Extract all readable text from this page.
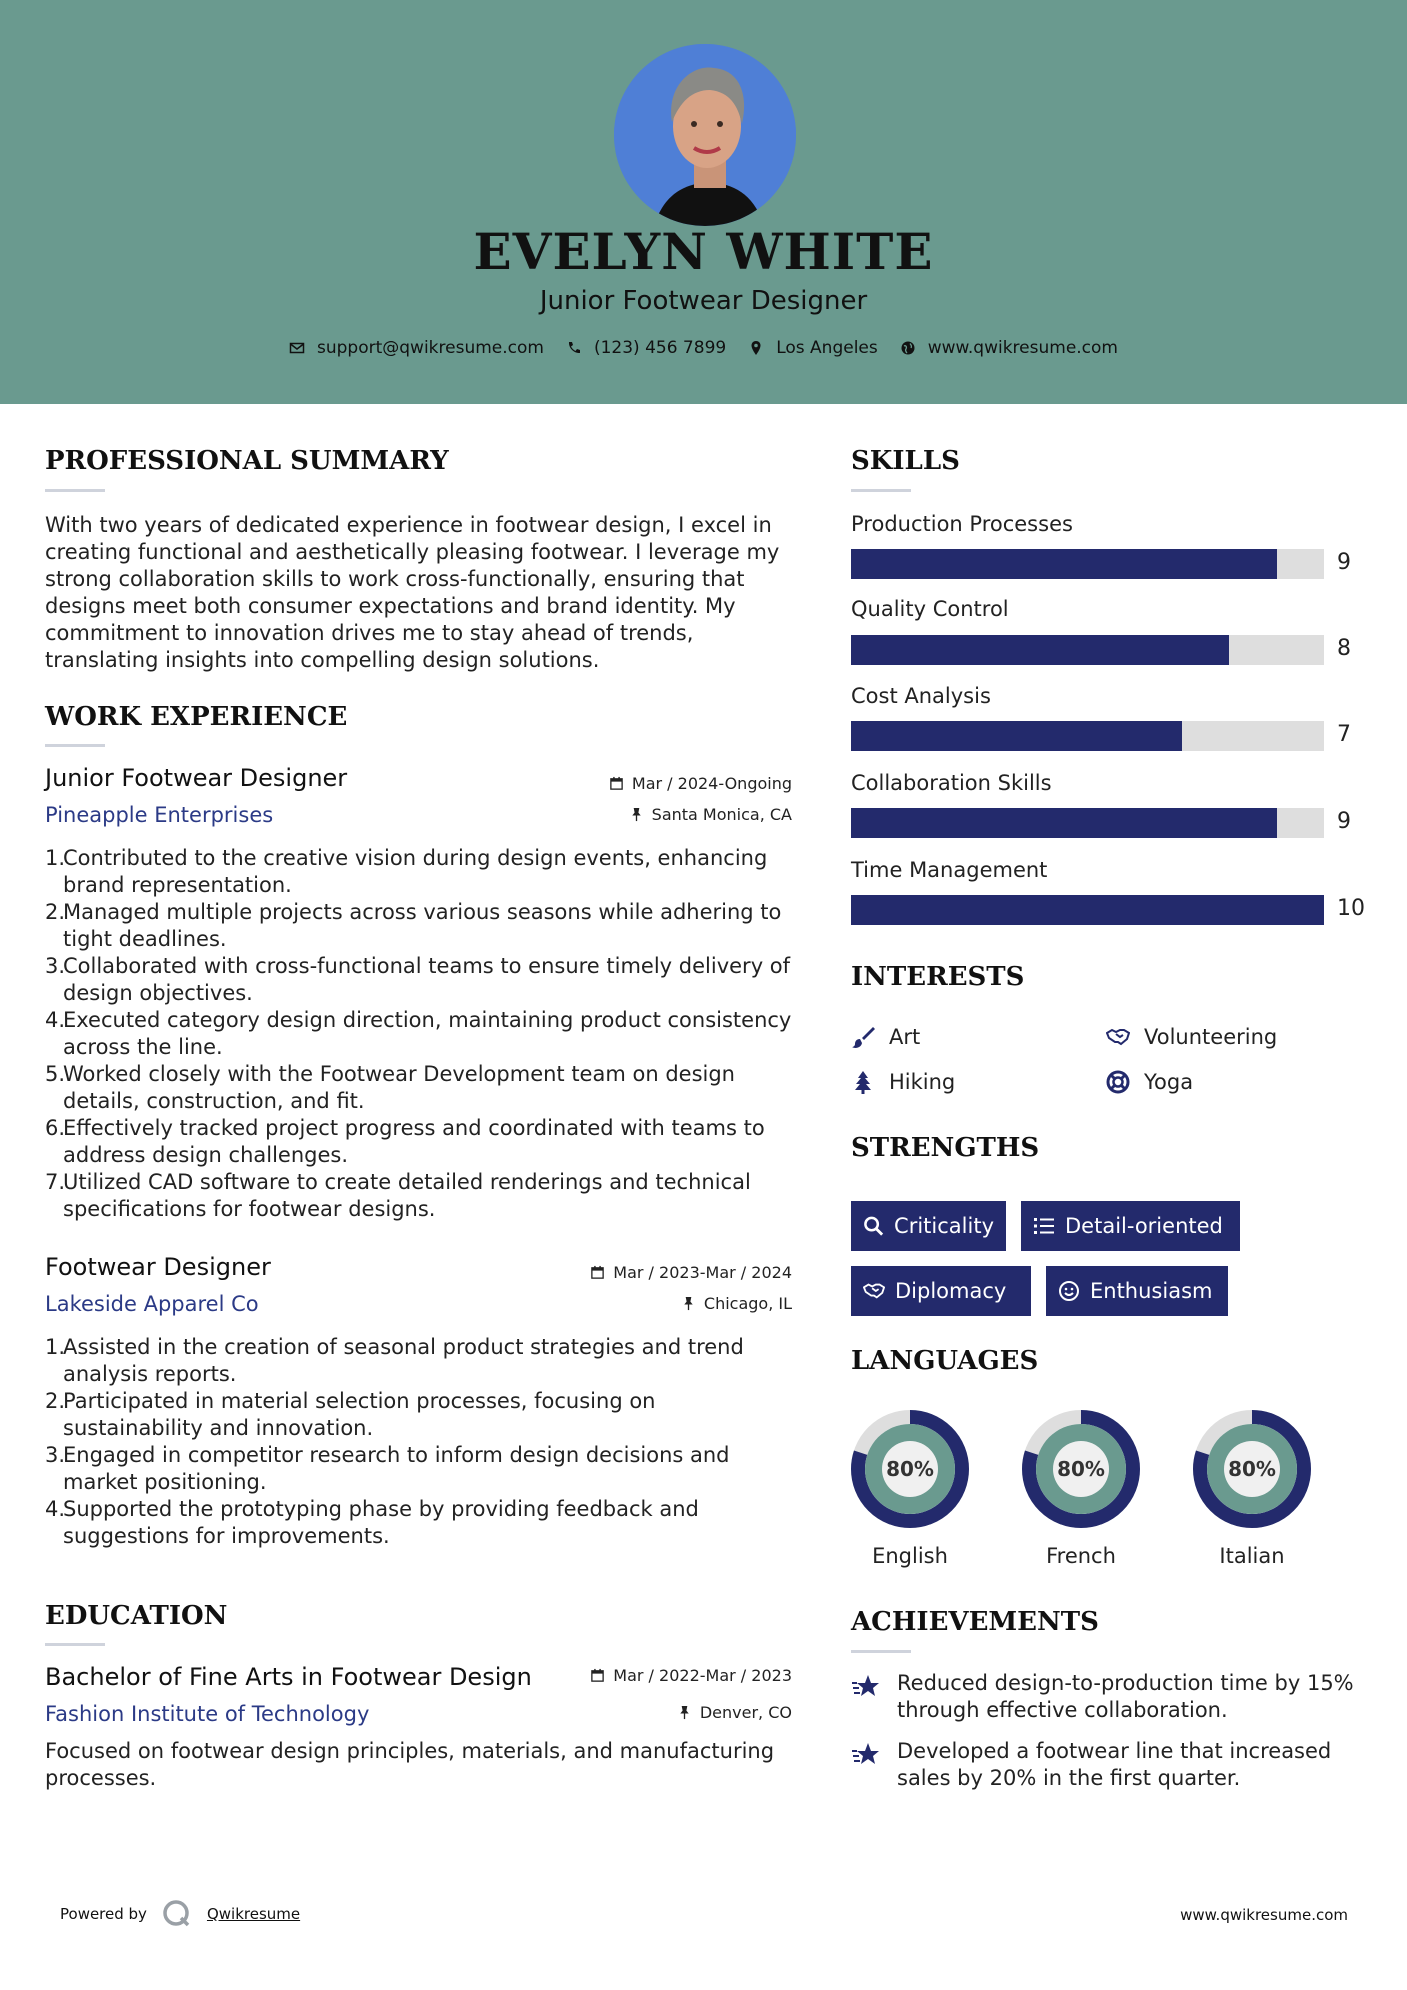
EVELYN WHITE
Junior Footwear Designer
support@qwikresume.com	(123) 456 7899	Los Angeles	www.qwikresume.com
PROFESSIONAL SUMMARY
With two years of dedicated experience in footwear design, I excel in creating functional and aesthetically pleasing footwear. I leverage my strong collaboration skills to work cross-functionally, ensuring that designs meet both consumer expectations and brand identity. My commitment to innovation drives me to stay ahead of trends, translating insights into compelling design solutions.
WORK EXPERIENCE
Junior Footwear Designer
Pineapple Enterprises
Mar / 2024-Ongoing
Santa Monica, CA
1.
Contributed to the creative vision during design events, enhancing brand representation.
2.
Managed multiple projects across various seasons while adhering to tight deadlines.
3.
Collaborated with cross-functional teams to ensure timely delivery of design objectives.
4.
Executed category design direction, maintaining product consistency across the line.
5.
Worked closely with the Footwear Development team on design details, construction, and fit.
6.
Effectively tracked project progress and coordinated with teams to address design challenges.
7.
Utilized CAD software to create detailed renderings and technical specifications for footwear designs.
Footwear Designer
Lakeside Apparel Co
Mar / 2023-Mar / 2024
Chicago, IL
1.
Assisted in the creation of seasonal product strategies and trend analysis reports.
2.
Participated in material selection processes, focusing on sustainability and innovation.
3.
Engaged in competitor research to inform design decisions and market positioning.
4.
Supported the prototyping phase by providing feedback and suggestions for improvements.
EDUCATION
Bachelor of Fine Arts in Footwear Design
Fashion Institute of Technology
Mar / 2022-Mar / 2023
Denver, CO
Focused on footwear design principles, materials, and manufacturing processes.
SKILLS
Production Processes
9
Quality Control
8
Cost Analysis
7
Collaboration Skills
9
Time Management
10
INTERESTS
Art	Volunteering
Hiking	Yoga
STRENGTHS
Criticality	Detail-oriented
Diplomacy	Enthusiasm
LANGUAGES
80%
English
80%
French
80%
Italian
ACHIEVEMENTS
Reduced design-to-production time by 15% through effective collaboration.
Developed a footwear line that increased sales by 20% in the first quarter.
Powered by	Qwikresume	www.qwikresume.com
